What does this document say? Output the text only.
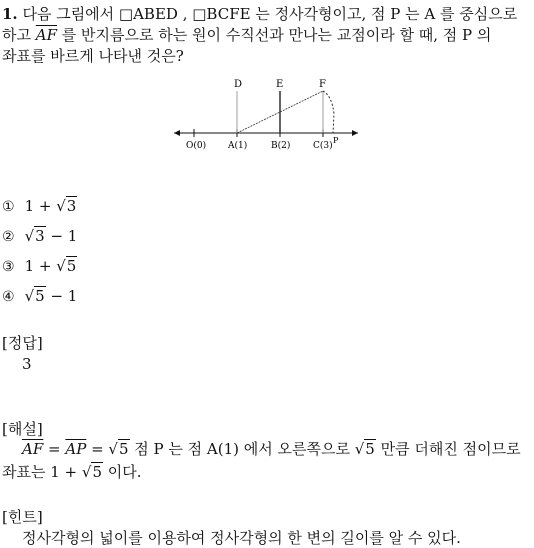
1. 다음 그림에서 □ABED , □BCFE 는 정사각형이고, 점 P 는 A 를 중심으로
하고 $\overline{AF}$ 를 반지름으로 하는 원이 수직선과 만나는 교점이라 할 때, 점 P 의
좌표를 바르게 나타낸 것은?
D	E	F
O(0) A(1)	B(2)	C(3)
P
① 1 + √3
② √3 − 1
③ 1 + √5
④ √5 − 1
[정답]
3
[해설]
$\overline{AF} = \overline{AP} = √5$ 점 P 는 점 A(1) 에서 오른쪽으로 √5 만큼 더해진 점이므로
좌표는 1 + √5 이다.
[힌트]
정사각형의 넓이를 이용하여 정사각형의 한 변의 길이를 알 수 있다.
